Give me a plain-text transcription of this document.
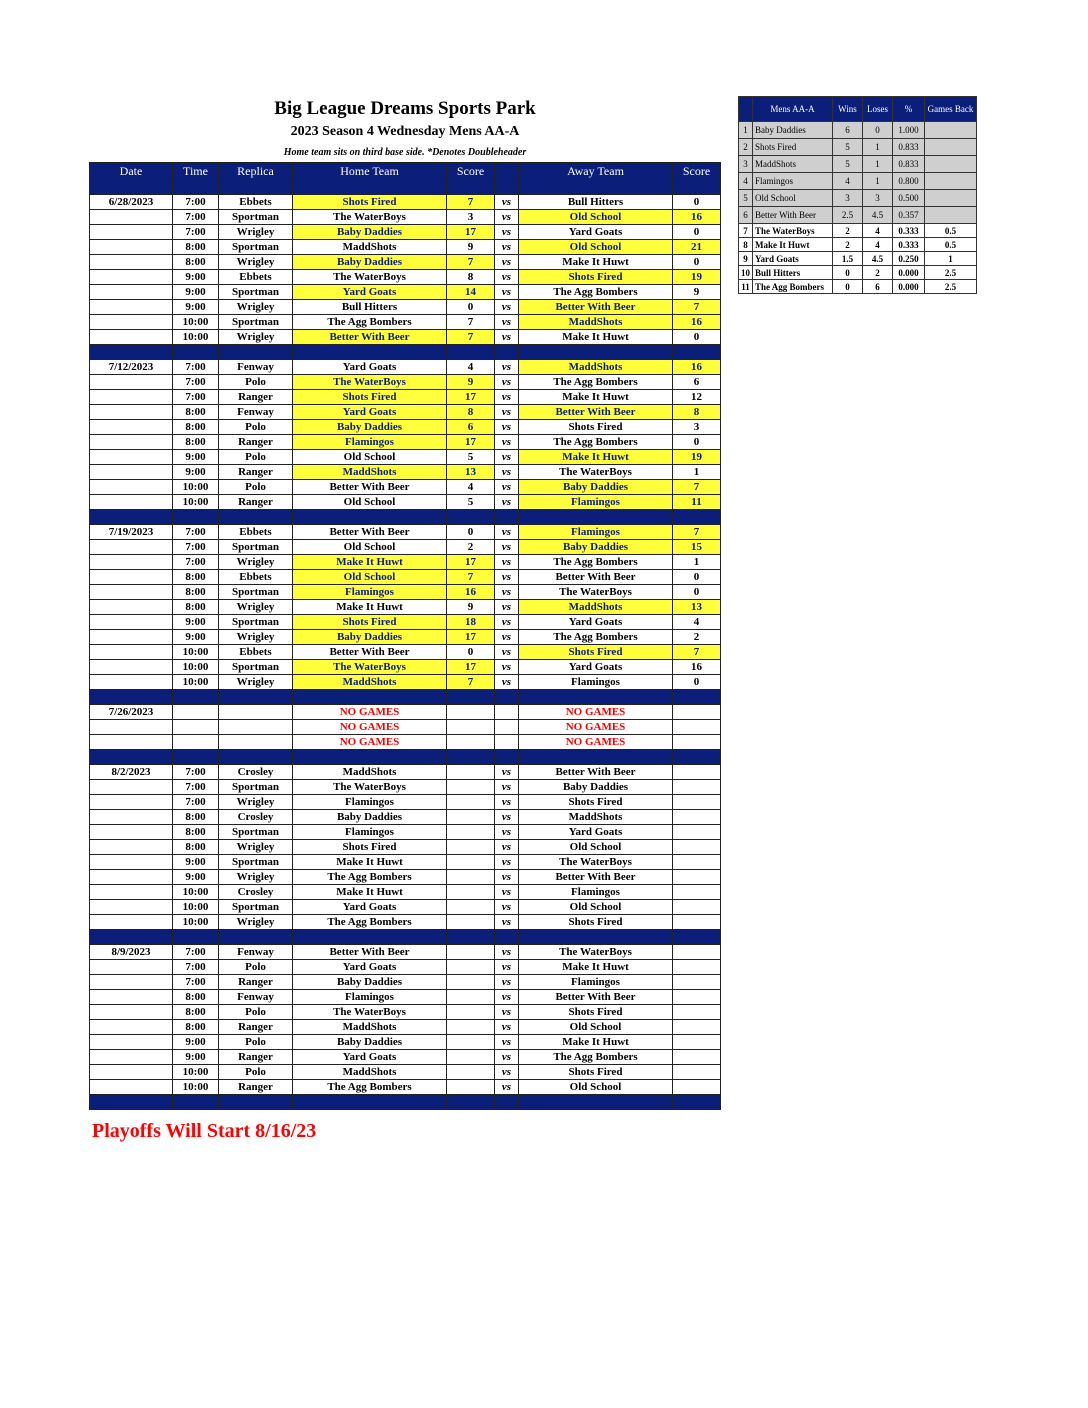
Big League Dreams Sports Park
2023 Season 4 Wednesday Mens AA-A
Home team sits on third base side. *Denotes Doubleheader
Date	Time	Replica	Home Team	Score		Away Team	Score

6/28/2023	7:00	Ebbets	Shots Fired	7	vs	Bull Hitters	0
	7:00	Sportman	The WaterBoys	3	vs	Old School	16
	7:00	Wrigley	Baby Daddies	17	vs	Yard Goats	0
	8:00	Sportman	MaddShots	9	vs	Old School	21
	8:00	Wrigley	Baby Daddies	7	vs	Make It Huwt	0
	9:00	Ebbets	The WaterBoys	8	vs	Shots Fired	19
	9:00	Sportman	Yard Goats	14	vs	The Agg Bombers	9
	9:00	Wrigley	Bull Hitters	0	vs	Better With Beer	7
	10:00	Sportman	The Agg Bombers	7	vs	MaddShots	16
	10:00	Wrigley	Better With Beer	7	vs	Make It Huwt	0

7/12/2023	7:00	Fenway	Yard Goats	4	vs	MaddShots	16
	7:00	Polo	The WaterBoys	9	vs	The Agg Bombers	6
	7:00	Ranger	Shots Fired	17	vs	Make It Huwt	12
	8:00	Fenway	Yard Goats	8	vs	Better With Beer	8
	8:00	Polo	Baby Daddies	6	vs	Shots Fired	3
	8:00	Ranger	Flamingos	17	vs	The Agg Bombers	0
	9:00	Polo	Old School	5	vs	Make It Huwt	19
	9:00	Ranger	MaddShots	13	vs	The WaterBoys	1
	10:00	Polo	Better With Beer	4	vs	Baby Daddies	7
	10:00	Ranger	Old School	5	vs	Flamingos	11

7/19/2023	7:00	Ebbets	Better With Beer	0	vs	Flamingos	7
	7:00	Sportman	Old School	2	vs	Baby Daddies	15
	7:00	Wrigley	Make It Huwt	17	vs	The Agg Bombers	1
	8:00	Ebbets	Old School	7	vs	Better With Beer	0
	8:00	Sportman	Flamingos	16	vs	The WaterBoys	0
	8:00	Wrigley	Make It Huwt	9	vs	MaddShots	13
	9:00	Sportman	Shots Fired	18	vs	Yard Goats	4
	9:00	Wrigley	Baby Daddies	17	vs	The Agg Bombers	2
	10:00	Ebbets	Better With Beer	0	vs	Shots Fired	7
	10:00	Sportman	The WaterBoys	17	vs	Yard Goats	16
	10:00	Wrigley	MaddShots	7	vs	Flamingos	0

7/26/2023			NO GAMES			NO GAMES	
			NO GAMES			NO GAMES	
			NO GAMES			NO GAMES	

8/2/2023	7:00	Crosley	MaddShots		vs	Better With Beer	
	7:00	Sportman	The WaterBoys		vs	Baby Daddies	
	7:00	Wrigley	Flamingos		vs	Shots Fired	
	8:00	Crosley	Baby Daddies		vs	MaddShots	
	8:00	Sportman	Flamingos		vs	Yard Goats	
	8:00	Wrigley	Shots Fired		vs	Old School	
	9:00	Sportman	Make It Huwt		vs	The WaterBoys	
	9:00	Wrigley	The Agg Bombers		vs	Better With Beer	
	10:00	Crosley	Make It Huwt		vs	Flamingos	
	10:00	Sportman	Yard Goats		vs	Old School	
	10:00	Wrigley	The Agg Bombers		vs	Shots Fired	

8/9/2023	7:00	Fenway	Better With Beer		vs	The WaterBoys	
	7:00	Polo	Yard Goats		vs	Make It Huwt	
	7:00	Ranger	Baby Daddies		vs	Flamingos	
	8:00	Fenway	Flamingos		vs	Better With Beer	
	8:00	Polo	The WaterBoys		vs	Shots Fired	
	8:00	Ranger	MaddShots		vs	Old School	
	9:00	Polo	Baby Daddies		vs	Make It Huwt	
	9:00	Ranger	Yard Goats		vs	The Agg Bombers	
	10:00	Polo	MaddShots		vs	Shots Fired	
	10:00	Ranger	The Agg Bombers		vs	Old School	

Playoffs Will Start 8/16/23
	Mens AA-A	Wins	Loses	%	Games Back
1	Baby Daddies	6	0	1.000	
2	Shots Fired	5	1	0.833	
3	MaddShots	5	1	0.833	
4	Flamingos	4	1	0.800	
5	Old School	3	3	0.500	
6	Better With Beer	2.5	4.5	0.357	
7	The WaterBoys	2	4	0.333	0.5
8	Make It Huwt	2	4	0.333	0.5
9	Yard Goats	1.5	4.5	0.250	1
10	Bull Hitters	0	2	0.000	2.5
11	The Agg Bombers	0	6	0.000	2.5
